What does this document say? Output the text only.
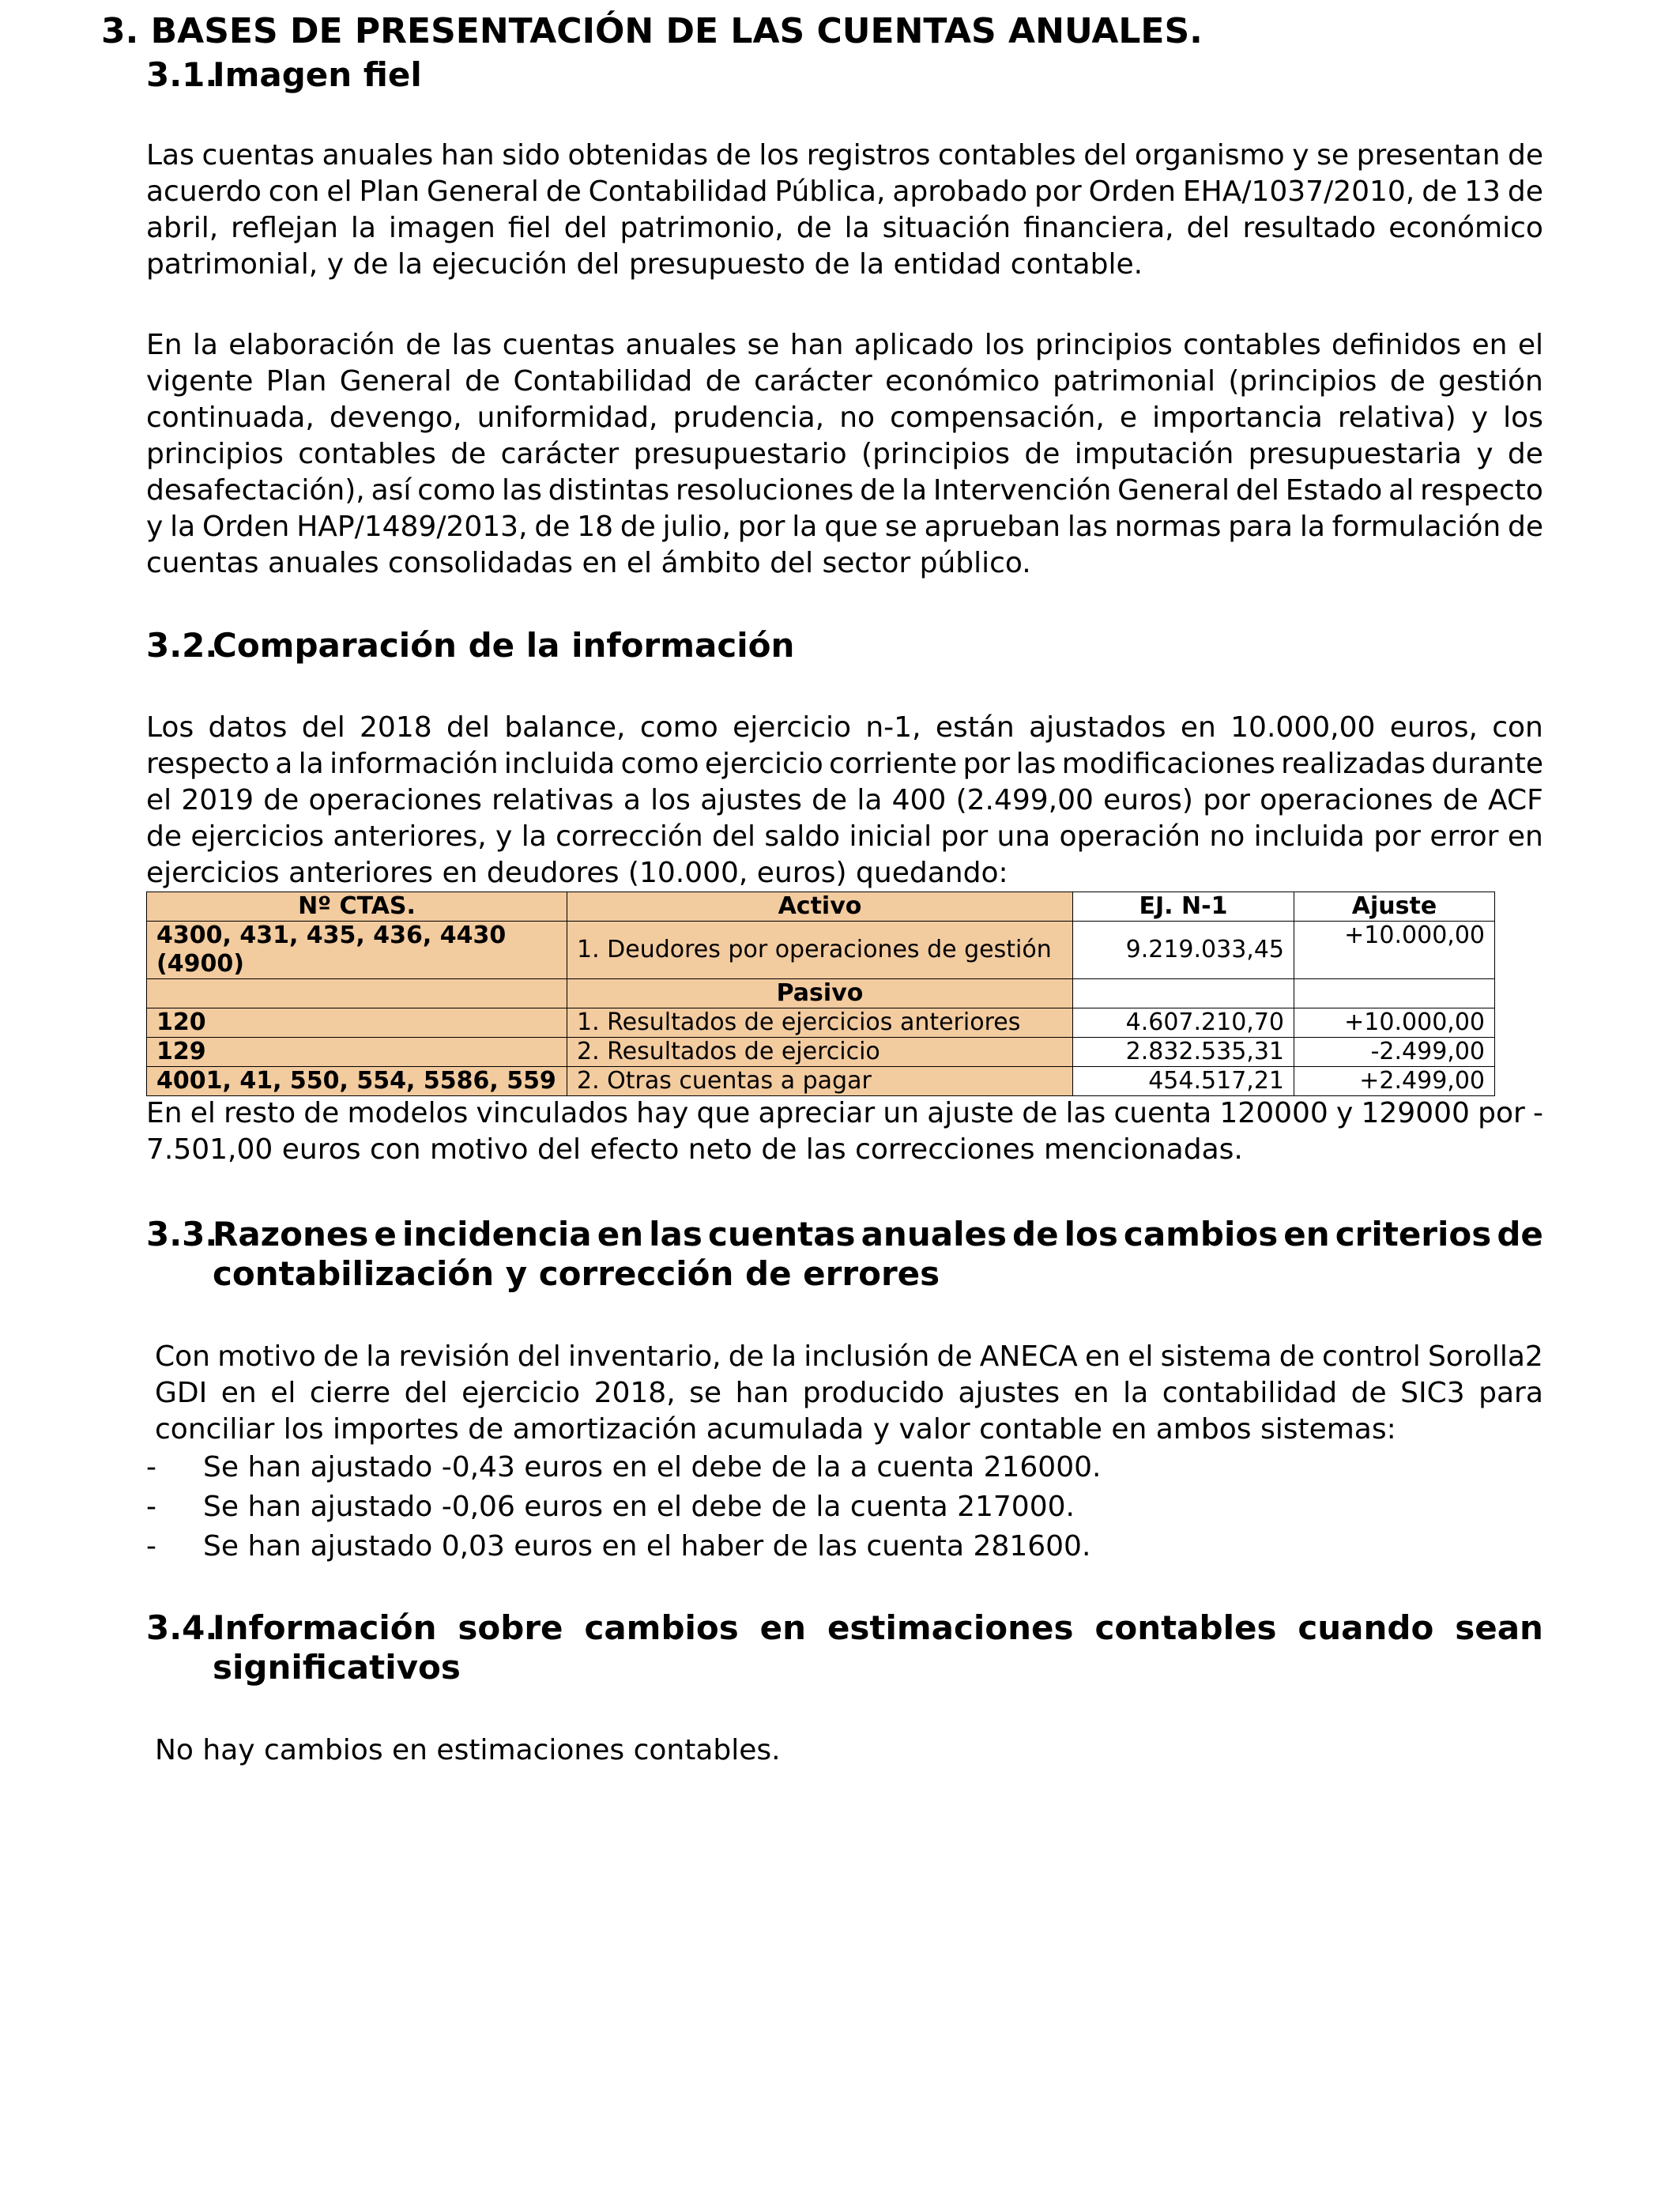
3. BASES DE PRESENTACIÓN DE LAS CUENTAS ANUALES.
3.1.
Imagen fiel
Las cuentas anuales han sido obtenidas de los registros contables del organismo y se presentan de
acuerdo con el Plan General de Contabilidad Pública, aprobado por Orden EHA/1037/2010, de 13 de
abril, reflejan la imagen fiel del patrimonio, de la situación financiera, del resultado económico
patrimonial, y de la ejecución del presupuesto de la entidad contable.
En la elaboración de las cuentas anuales se han aplicado los principios contables definidos en el
vigente Plan General de Contabilidad de carácter económico patrimonial (principios de gestión
continuada, devengo, uniformidad, prudencia, no compensación, e importancia relativa) y los
principios contables de carácter presupuestario (principios de imputación presupuestaria y de
desafectación), así como las distintas resoluciones de la Intervención General del Estado al respecto
y la Orden HAP/1489/2013, de 18 de julio, por la que se aprueban las normas para la formulación de
cuentas anuales consolidadas en el ámbito del sector público.
3.2.
Comparación de la información
Los datos del 2018 del balance, como ejercicio n-1, están ajustados en 10.000,00 euros, con
respecto a la información incluida como ejercicio corriente por las modificaciones realizadas durante
el 2019 de operaciones relativas a los ajustes de la 400 (2.499,00 euros) por operaciones de ACF
de ejercicios anteriores, y la corrección del saldo inicial por una operación no incluida por error en
ejercicios anteriores en deudores (10.000, euros) quedando:
Nº CTAS.	Activo	EJ. N-1	Ajuste

4300, 431, 435, 436, 4430
(4900)	1. Deudores por operaciones de gestión	9.219.033,45	+10.000,00
	Pasivo		
120	1. Resultados de ejercicios anteriores	4.607.210,70	+10.000,00
129	2. Resultados de ejercicio	2.832.535,31	-2.499,00
4001, 41, 550, 554, 5586, 559	2. Otras cuentas a pagar	454.517,21	+2.499,00
En el resto de modelos vinculados hay que apreciar un ajuste de las cuenta 120000 y 129000 por -
7.501,00 euros con motivo del efecto neto de las correcciones mencionadas.
3.3.
Razones e incidencia en las cuentas anuales de los cambios en criterios de
contabilización y corrección de errores
Con motivo de la revisión del inventario, de la inclusión de ANECA en el sistema de control Sorolla2
GDI en el cierre del ejercicio 2018, se han producido ajustes en la contabilidad de SIC3 para
conciliar los importes de amortización acumulada y valor contable en ambos sistemas:
- Se han ajustado -0,43 euros en el debe de la a cuenta 216000.
- Se han ajustado -0,06 euros en el debe de la cuenta 217000.
- Se han ajustado 0,03 euros en el haber de las cuenta 281600.
3.4.
Información sobre cambios en estimaciones contables cuando sean
significativos
No hay cambios en estimaciones contables.
